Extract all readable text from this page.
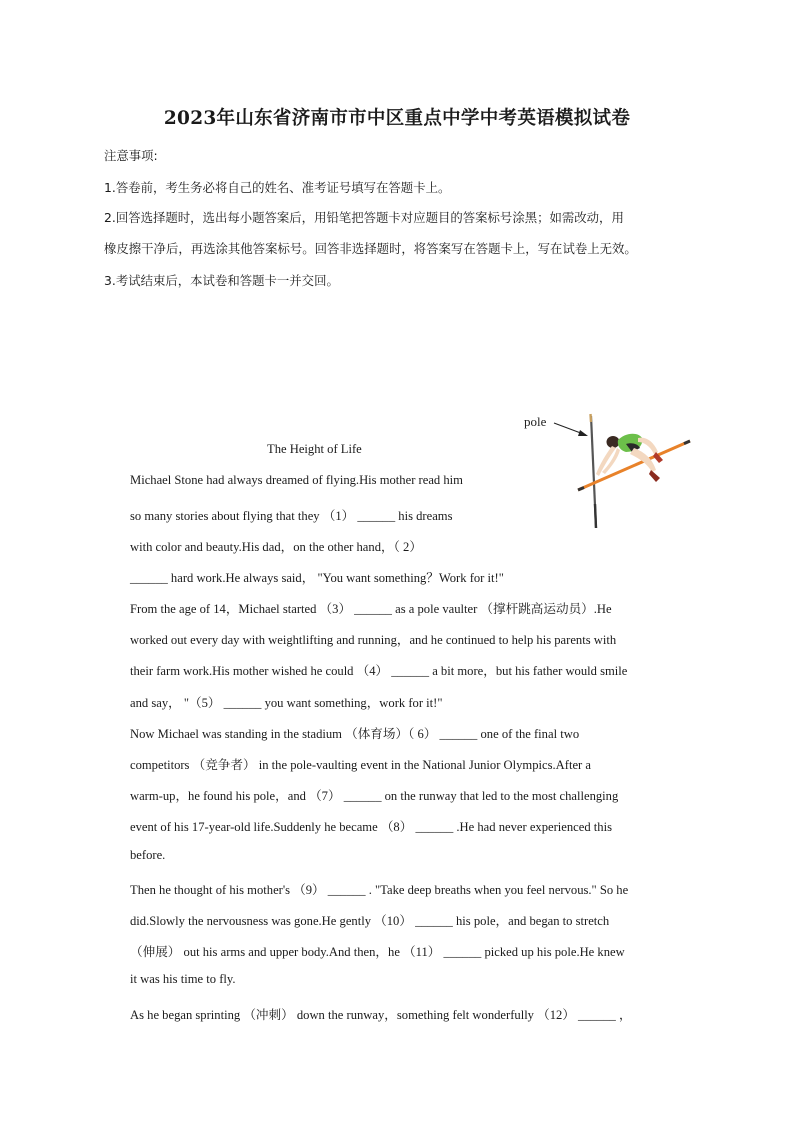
2023年山东省济南市市中区重点中学中考英语模拟试卷
注意事项:
1.答卷前，考生务必将自己的姓名、准考证号填写在答题卡上。
2.回答选择题时，选出每小题答案后，用铅笔把答题卡对应题目的答案标号涂黑；如需改动，用
橡皮擦干净后，再选涂其他答案标号。回答非选择题时，将答案写在答题卡上，写在试卷上无效。
3.考试结束后，本试卷和答题卡一并交回。
pole
The Height of Life
Michael Stone had always dreamed of flying.His mother read him
so many stories about flying that they （1） ______ his dreams
with color and beauty.His dad，on the other hand，（ 2）
______ hard work.He always said， "You want something？Work for it!"
From the age of 14，Michael started （3） ______ as a pole vaulter （撑杆跳高运动员）.He
worked out every day with weightlifting and running，and he continued to help his parents with
their farm work.His mother wished he could （4） ______ a bit more，but his father would smile
and say， "（5） ______ you want something，work for it!"
Now Michael was standing in the stadium （体育场）（ 6） ______ one of the final two
competitors （竞争者） in the pole-vaulting event in the National Junior Olympics.After a
warm-up，he found his pole，and （7） ______ on the runway that led to the most challenging
event of his 17-year-old life.Suddenly he became （8） ______ .He had never experienced this
before.
Then he thought of his mother's （9） ______ . "Take deep breaths when you feel nervous." So he
did.Slowly the nervousness was gone.He gently （10） ______ his pole，and began to stretch
（伸展） out his arms and upper body.And then，he （11） ______ picked up his pole.He knew
it was his time to fly.
As he began sprinting （冲刺） down the runway，something felt wonderfully （12） ______ ，
